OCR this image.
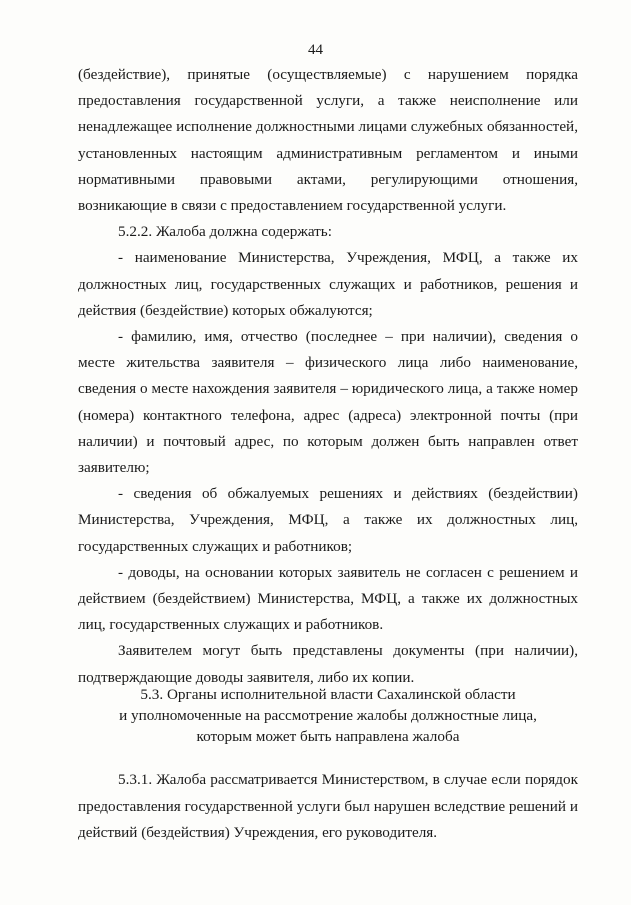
44

(бездействие), принятые (осуществляемые) с нарушением порядка предоставления государственной услуги, а также неисполнение или ненадлежащее исполнение должностными лицами служебных обязанностей, установленных настоящим административным регламентом и иными нормативными правовыми актами, регулирующими отношения, возникающие в связи с предоставлением государственной услуги.

5.2.2. Жалоба должна содержать:

- наименование Министерства, Учреждения, МФЦ, а также их должностных лиц, государственных служащих и работников, решения и действия (бездействие) которых обжалуются;

- фамилию, имя, отчество (последнее – при наличии), сведения о месте жительства заявителя – физического лица либо наименование, сведения о месте нахождения заявителя – юридического лица, а также номер (номера) контактного телефона, адрес (адреса) электронной почты (при наличии) и почтовый адрес, по которым должен быть направлен ответ заявителю;

- сведения об обжалуемых решениях и действиях (бездействии) Министерства, Учреждения, МФЦ, а также их должностных лиц, государственных служащих и работников;

- доводы, на основании которых заявитель не согласен с решением и действием (бездействием) Министерства, МФЦ, а также их должностных лиц, государственных служащих и работников.

Заявителем могут быть представлены документы (при наличии), подтверждающие доводы заявителя, либо их копии.

5.3. Органы исполнительной власти Сахалинской области
и уполномоченные на рассмотрение жалобы должностные лица,
которым может быть направлена жалоба

5.3.1. Жалоба рассматривается Министерством, в случае если порядок предоставления государственной услуги был нарушен вследствие решений и действий (бездействия) Учреждения, его руководителя.
